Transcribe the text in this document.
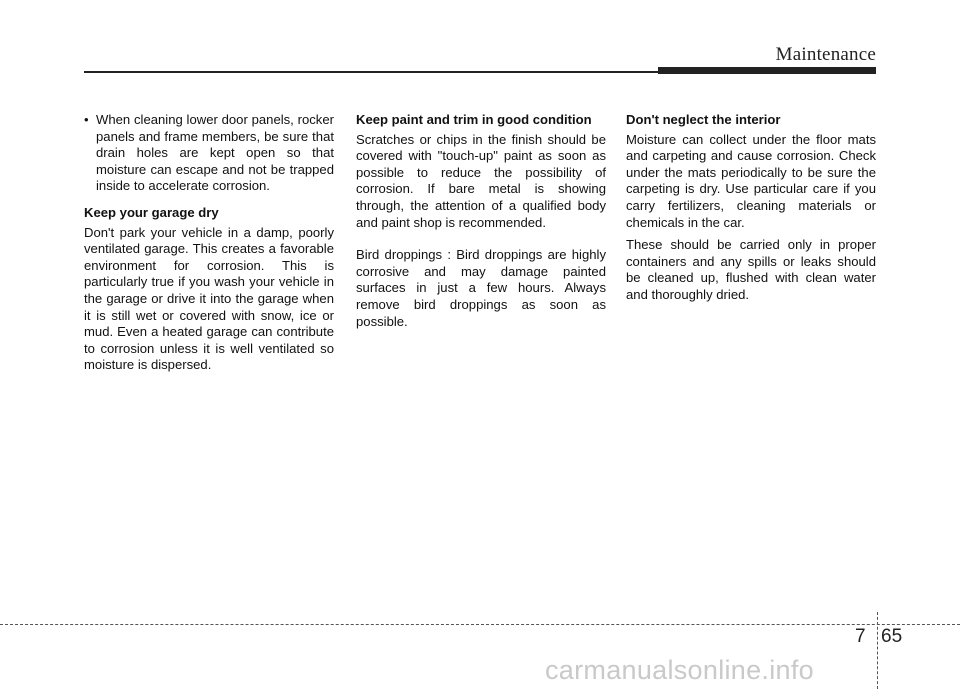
Maintenance
• When cleaning lower door panels, rocker panels and frame members, be sure that drain holes are kept open so that moisture can escape and not be trapped inside to accelerate corrosion.
Keep your garage dry

Don't park your vehicle in a damp, poorly ventilated garage. This creates a favorable environment for corrosion. This is particularly true if you wash your vehicle in the garage or drive it into the garage when it is still wet or covered with snow, ice or mud. Even a heated garage can contribute to corrosion unless it is well ventilated so moisture is dispersed.

Keep paint and trim in good condition

Scratches or chips in the finish should be covered with "touch-up" paint as soon as possible to reduce the possibility of corrosion. If bare metal is showing through, the attention of a qualified body and paint shop is recommended.

Bird droppings : Bird droppings are highly corrosive and may damage painted surfaces in just a few hours. Always remove bird droppings as soon as possible.

Don't neglect the interior

Moisture can collect under the floor mats and carpeting and cause corrosion. Check under the mats periodically to be sure the carpeting is dry. Use particular care if you carry fertilizers, cleaning materials or chemicals in the car.

These should be carried only in proper containers and any spills or leaks should be cleaned up, flushed with clean water and thoroughly dried.

7 65
carmanualsonline.info
